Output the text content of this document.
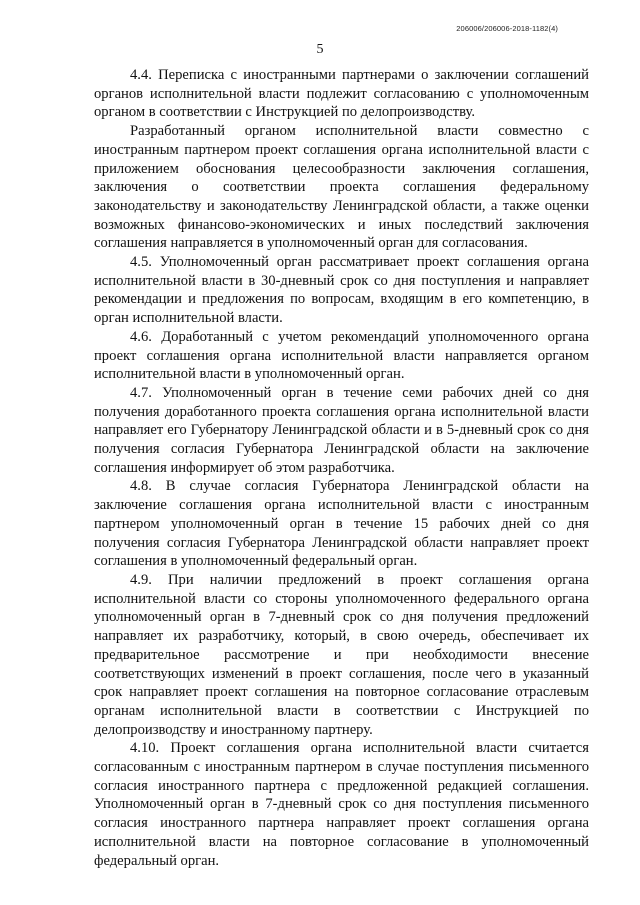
206006/206006-2018-1182(4)
5

4.4. Переписка с иностранными партнерами о заключении соглашений органов исполнительной власти подлежит согласованию с уполномоченным органом в соответствии с Инструкцией по делопроизводству.

Разработанный органом исполнительной власти совместно с иностранным партнером проект соглашения органа исполнительной власти с приложением обоснования целесообразности заключения соглашения, заключения о соответствии проекта соглашения федеральному законодательству и законодательству Ленинградской области, а также оценки возможных финансово-экономических и иных последствий заключения соглашения направляется в уполномоченный орган для согласования.

4.5. Уполномоченный орган рассматривает проект соглашения органа исполнительной власти в 30-дневный срок со дня поступления и направляет рекомендации и предложения по вопросам, входящим в его компетенцию, в орган исполнительной власти.

4.6. Доработанный с учетом рекомендаций уполномоченного органа проект соглашения органа исполнительной власти направляется органом исполнительной власти в уполномоченный орган.

4.7. Уполномоченный орган в течение семи рабочих дней со дня получения доработанного проекта соглашения органа исполнительной власти направляет его Губернатору Ленинградской области и в 5-дневный срок со дня получения согласия Губернатора Ленинградской области на заключение соглашения информирует об этом разработчика.

4.8. В случае согласия Губернатора Ленинградской области на заключение соглашения органа исполнительной власти с иностранным партнером уполномоченный орган в течение 15 рабочих дней со дня получения согласия Губернатора Ленинградской области направляет проект соглашения в уполномоченный федеральный орган.

4.9. При наличии предложений в проект соглашения органа исполнительной власти со стороны уполномоченного федерального органа уполномоченный орган в 7-дневный срок со дня получения предложений направляет их разработчику, который, в свою очередь, обеспечивает их предварительное рассмотрение и при необходимости внесение соответствующих изменений в проект соглашения, после чего в указанный срок направляет проект соглашения на повторное согласование отраслевым органам исполнительной власти в соответствии с Инструкцией по делопроизводству и иностранному партнеру.

4.10. Проект соглашения органа исполнительной власти считается согласованным с иностранным партнером в случае поступления письменного согласия иностранного партнера с предложенной редакцией соглашения. Уполномоченный орган в 7-дневный срок со дня поступления письменного согласия иностранного партнера направляет проект соглашения органа исполнительной власти на повторное согласование в уполномоченный федеральный орган.
